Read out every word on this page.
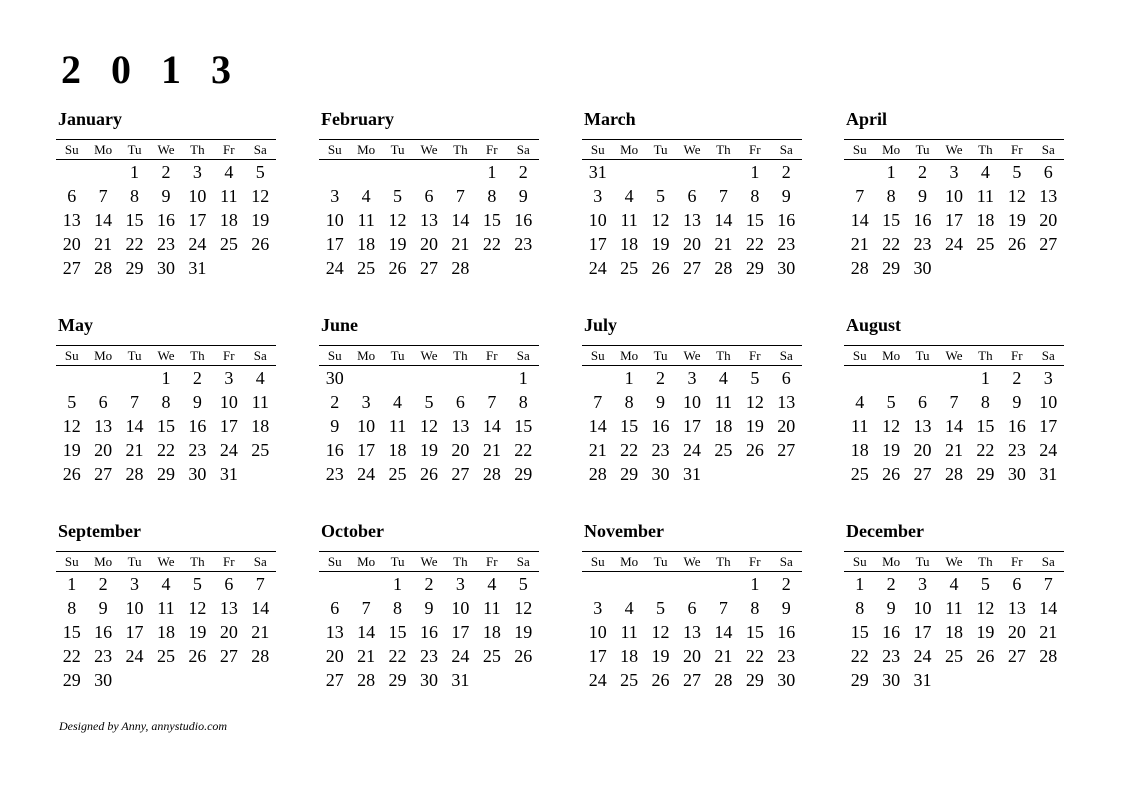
2 0 1 3
January
Su	Mo	Tu	We	Th	Fr	Sa
		1	2	3	4	5
6	7	8	9	10	11	12
13	14	15	16	17	18	19
20	21	22	23	24	25	26
27	28	29	30	31		
February
Su	Mo	Tu	We	Th	Fr	Sa
					1	2
3	4	5	6	7	8	9
10	11	12	13	14	15	16
17	18	19	20	21	22	23
24	25	26	27	28		
March
Su	Mo	Tu	We	Th	Fr	Sa
31					1	2
3	4	5	6	7	8	9
10	11	12	13	14	15	16
17	18	19	20	21	22	23
24	25	26	27	28	29	30
April
Su	Mo	Tu	We	Th	Fr	Sa
	1	2	3	4	5	6
7	8	9	10	11	12	13
14	15	16	17	18	19	20
21	22	23	24	25	26	27
28	29	30				
May
Su	Mo	Tu	We	Th	Fr	Sa
			1	2	3	4
5	6	7	8	9	10	11
12	13	14	15	16	17	18
19	20	21	22	23	24	25
26	27	28	29	30	31	
June
Su	Mo	Tu	We	Th	Fr	Sa
30						1
2	3	4	5	6	7	8
9	10	11	12	13	14	15
16	17	18	19	20	21	22
23	24	25	26	27	28	29
July
Su	Mo	Tu	We	Th	Fr	Sa
	1	2	3	4	5	6
7	8	9	10	11	12	13
14	15	16	17	18	19	20
21	22	23	24	25	26	27
28	29	30	31			
August
Su	Mo	Tu	We	Th	Fr	Sa
				1	2	3
4	5	6	7	8	9	10
11	12	13	14	15	16	17
18	19	20	21	22	23	24
25	26	27	28	29	30	31
September
Su	Mo	Tu	We	Th	Fr	Sa
1	2	3	4	5	6	7
8	9	10	11	12	13	14
15	16	17	18	19	20	21
22	23	24	25	26	27	28
29	30					
October
Su	Mo	Tu	We	Th	Fr	Sa
		1	2	3	4	5
6	7	8	9	10	11	12
13	14	15	16	17	18	19
20	21	22	23	24	25	26
27	28	29	30	31		
November
Su	Mo	Tu	We	Th	Fr	Sa
					1	2
3	4	5	6	7	8	9
10	11	12	13	14	15	16
17	18	19	20	21	22	23
24	25	26	27	28	29	30
December
Su	Mo	Tu	We	Th	Fr	Sa
1	2	3	4	5	6	7
8	9	10	11	12	13	14
15	16	17	18	19	20	21
22	23	24	25	26	27	28
29	30	31				
Designed by Anny, annystudio.com
